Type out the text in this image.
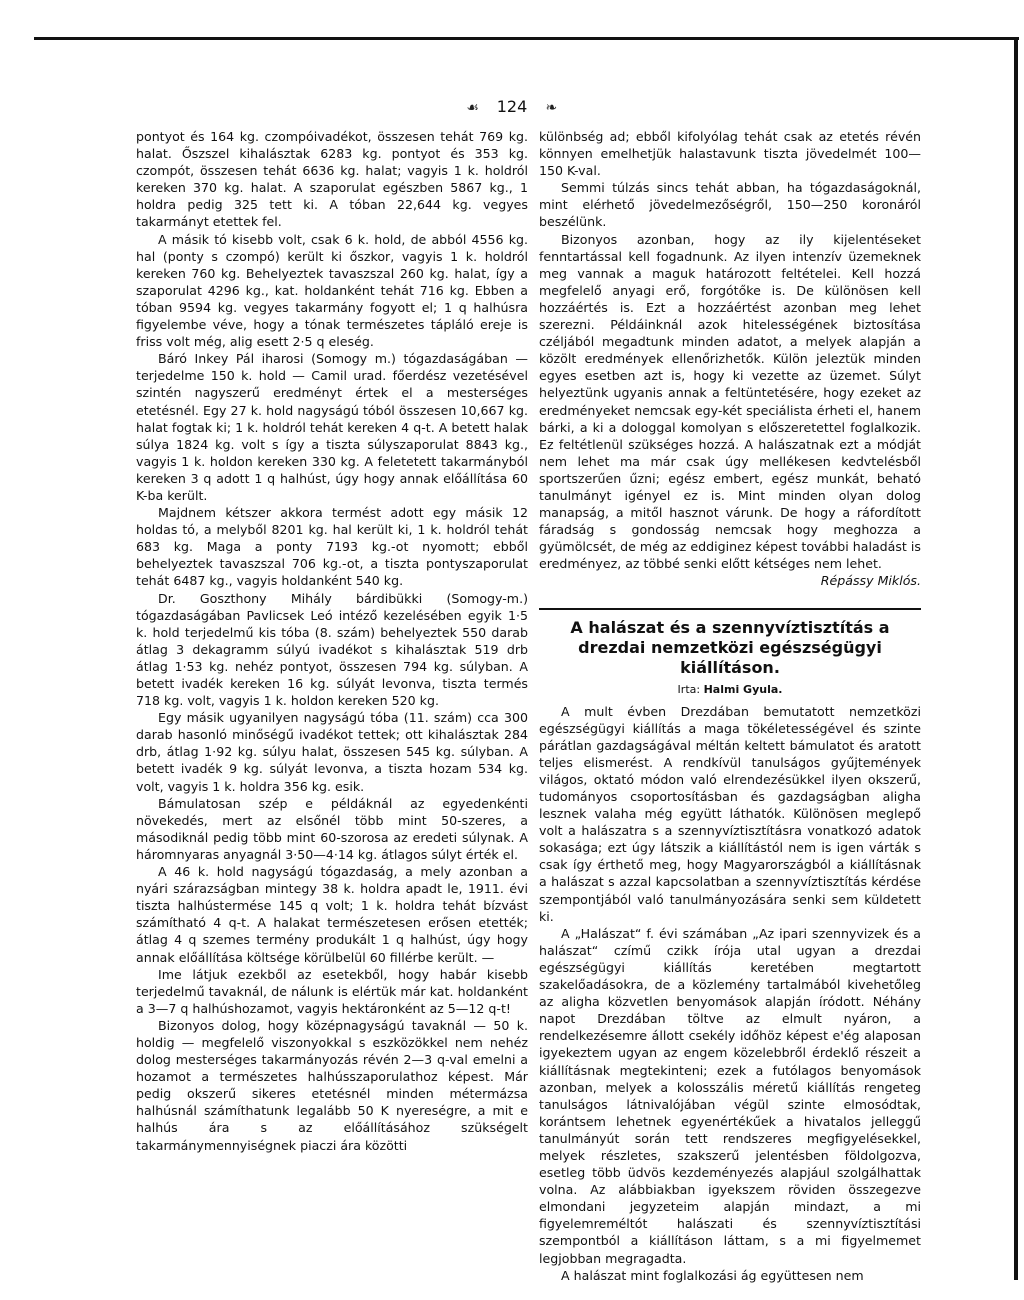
☙ 124 ❧

pontyot és 164 kg. czompóivadékot, összesen tehát 769 kg. halat. Őszszel kihalásztak 6283 kg. pontyot és 353 kg. czompót, összesen tehát 6636 kg. halat; vagyis 1 k. holdról kereken 370 kg. halat. A szaporulat egészben 5867 kg., 1 holdra pedig 325 tett ki. A tóban 22,644 kg. vegyes takarmányt etettek fel.

A másik tó kisebb volt, csak 6 k. hold, de abból 4556 kg. hal (ponty s czompó) került ki őszkor, vagyis 1 k. holdról kereken 760 kg. Behelyeztek tavaszszal 260 kg. halat, így a szaporulat 4296 kg., kat. holdanként tehát 716 kg. Ebben a tóban 9594 kg. vegyes takarmány fogyott el; 1 q halhúsra figyelembe véve, hogy a tónak természetes tápláló ereje is friss volt még, alig esett 2·5 q eleség.

Báró Inkey Pál iharosi (Somogy m.) tógazdaságában — terjedelme 150 k. hold — Camil urad. főerdész vezetésével szintén nagyszerű eredményt értek el a mesterséges etetésnél. Egy 27 k. hold nagyságú tóból összesen 10,667 kg. halat fogtak ki; 1 k. holdról tehát kereken 4 q-t. A betett halak súlya 1824 kg. volt s így a tiszta súlyszaporulat 8843 kg., vagyis 1 k. holdon kereken 330 kg. A feletetett takarmányból kereken 3 q adott 1 q halhúst, úgy hogy annak előállítása 60 K-ba került.

Majdnem kétszer akkora termést adott egy másik 12 holdas tó, a melyből 8201 kg. hal került ki, 1 k. holdról tehát 683 kg. Maga a ponty 7193 kg.-ot nyomott; ebből behelyeztek tavaszszal 706 kg.-ot, a tiszta pontyszaporulat tehát 6487 kg., vagyis holdanként 540 kg.

Dr. Goszthony Mihály bárdibükki (Somogy-m.) tógazdaságában Pavlicsek Leó intéző kezelésében egyik 1·5 k. hold terjedelmű kis tóba (8. szám) behelyeztek 550 darab átlag 3 dekagramm súlyú ivadékot s kihalásztak 519 drb átlag 1·53 kg. nehéz pontyot, összesen 794 kg. súlyban. A betett ivadék kereken 16 kg. súlyát levonva, tiszta termés 718 kg. volt, vagyis 1 k. holdon kereken 520 kg.

Egy másik ugyanilyen nagyságú tóba (11. szám) cca 300 darab hasonló minőségű ivadékot tettek; ott kihalásztak 284 drb, átlag 1·92 kg. súlyu halat, összesen 545 kg. súlyban. A betett ivadék 9 kg. súlyát levonva, a tiszta hozam 534 kg. volt, vagyis 1 k. holdra 356 kg. esik.

Bámulatosan szép e példáknál az egyedenkénti növekedés, mert az elsőnél több mint 50-szeres, a másodiknál pedig több mint 60-szorosa az eredeti súlynak. A háromnyaras anyagnál 3·50—4·14 kg. átlagos súlyt érték el.

A 46 k. hold nagyságú tógazdaság, a mely azonban a nyári szárazságban mintegy 38 k. holdra apadt le, 1911. évi tiszta halhústermése 145 q volt; 1 k. holdra tehát bízvást számítható 4 q-t. A halakat természetesen erősen etették; átlag 4 q szemes termény produkált 1 q halhúst, úgy hogy annak előállítása költsége körülbelül 60 fillérbe került. —

Ime látjuk ezekből az esetekből, hogy habár kisebb terjedelmű tavaknál, de nálunk is elértük már kat. holdanként a 3—7 q halhúshozamot, vagyis hektáronként az 5—12 q-t!

Bizonyos dolog, hogy középnagyságú tavaknál — 50 k. holdig — megfelelő viszonyokkal s eszközökkel nem nehéz dolog mesterséges takarmányozás révén 2—3 q-val emelni a hozamot a természetes halhússzaporulathoz képest. Már pedig okszerű sikeres etetésnél minden métermázsa halhúsnál számíthatunk legalább 50 K nyereségre, a mit e halhús ára s az előállításához szükségelt takarmánymennyiségnek piaczi ára közötti

különbség ad; ebből kifolyólag tehát csak az etetés révén könnyen emelhetjük halastavunk tiszta jövedelmét 100—150 K-val.

Semmi túlzás sincs tehát abban, ha tógazdaságoknál, mint elérhető jövedelmezőségről, 150—250 koronáról beszélünk.

Bizonyos azonban, hogy az ily kijelentéseket fenntartással kell fogadnunk. Az ilyen intenzív üzemeknek meg vannak a maguk határozott feltételei. Kell hozzá megfelelő anyagi erő, forgótőke is. De különösen kell hozzáértés is. Ezt a hozzáértést azonban meg lehet szerezni. Példáinknál azok hitelességének biztosítása czéljából megadtunk minden adatot, a melyek alapján a közölt eredmények ellenőrizhetők. Külön jeleztük minden egyes esetben azt is, hogy ki vezette az üzemet. Súlyt helyeztünk ugyanis annak a feltüntetésére, hogy ezeket az eredményeket nemcsak egy-két speciálistа érheti el, hanem bárki, a ki a dologgal komolyan s előszeretettel foglalkozik. Ez feltétlenül szükséges hozzá. A halászatnak ezt a módját nem lehet ma már csak úgy mellékesen kedvtelésből sportszerűen űzni; egész embert, egész munkát, beható tanulmányt igényel ez is. Mint minden olyan dolog manapság, a mitől hasznot várunk. De hogy a ráfordított fáradság s gondosság nemcsak hogy meghozza a gyümölcsét, de még az eddiginez képest további haladást is eredményez, az többé senki előtt kétséges nem lehet.

Répássy Miklós.

A halászat és a szennyvíztisztítás a drezdai nemzetközi egészségügyi kiállításon.
Irta: Halmi Gyula.

A mult évben Drezdában bemutatott nemzetközi egészségügyi kiállítás a maga tökéletességével és szinte párátlan gazdagságával méltán keltett bámulatot és aratott teljes elismerést. A rendkívül tanulságos gyűjtemények világos, oktató módon való elrendezésükkel ilyen okszerű, tudományos csoportosításban és gazdagságban aligha lesznek valaha még együtt láthatók. Különösen meglepő volt a halászatra s a szennyvíztisztításra vonatkozó adatok sokasága; ezt úgy látszik a kiállítástól nem is igen várták s csak így érthető meg, hogy Magyarországból a kiállításnak a halászat s azzal kapcsolatban a szennyvíztisztítás kérdése szempontjából való tanulmányozására senki sem küldetett ki.

A „Halászat“ f. évi számában „Az ipari szennyvizek és a halászat“ czímű czikk írója utal ugyan a drezdai egészségügyi kiállítás keretében megtartott szakelőadásokra, de a közlemény tartalmából kivehetőleg az aligha közvetlen benyomások alapján íródott. Néhány napot Drezdában töltve az elmult nyáron, a rendelkezésemre állott csekély időhöz képest e'ég alaposan igyekeztem ugyan az engem közelebbről érdeklő részeit a kiállításnak megtekinteni; ezek a futólagos benyomások azonban, melyek a kolosszális méretű kiállítás rengeteg tanulságos látnivalójában végül szinte elmosódtak, korántsem lehetnek egyenértékűek a hivatalos jelleggű tanulmányút során tett rendszeres megfigyelésekkel, melyek részletes, szakszerű jelentésben földolgozva, esetleg több üdvös kezdeményezés alapjául szolgálhattak volna. Az alábbiakban igyekszem röviden összegezve elmondani jegyzeteim alapján mindazt, a mi figyelemreméltót halászati és szennyvíztisztítási szempontból a kiállításon láttam, s a mi figyelmemet legjobban megragadta.

A halászat mint foglalkozási ág együttesen nem
